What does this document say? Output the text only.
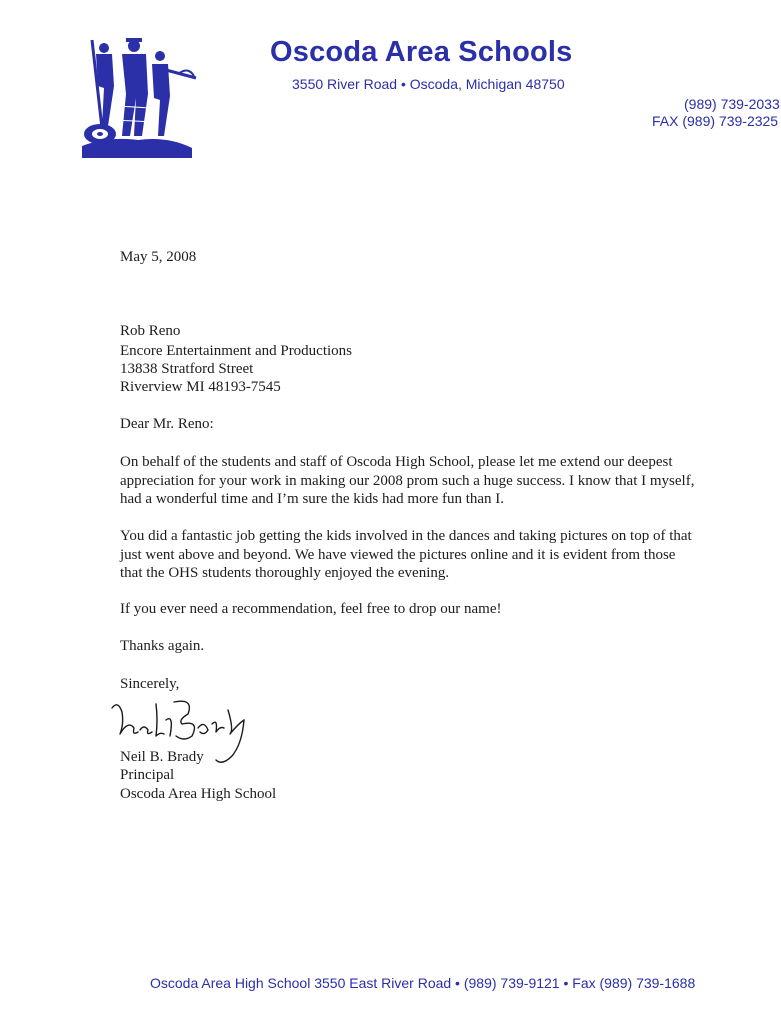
Oscoda Area Schools
3550 River Road • Oscoda, Michigan 48750
(989) 739-2033
FAX (989) 739-2325
May 5, 2008
Rob Reno
Encore Entertainment and Productions
13838 Stratford Street
Riverview MI 48193-7545
Dear Mr. Reno:
On behalf of the students and staff of Oscoda High School, please let me extend our deepest
appreciation for your work in making our 2008 prom such a huge success. I know that I myself,
had a wonderful time and I’m sure the kids had more fun than I.
You did a fantastic job getting the kids involved in the dances and taking pictures on top of that
just went above and beyond. We have viewed the pictures online and it is evident from those
that the OHS students thoroughly enjoyed the evening.
If you ever need a recommendation, feel free to drop our name!
Thanks again.
Sincerely,
Neil B. Brady
Principal
Oscoda Area High School
Oscoda Area High School 3550 East River Road • (989) 739-9121 • Fax (989) 739-1688
